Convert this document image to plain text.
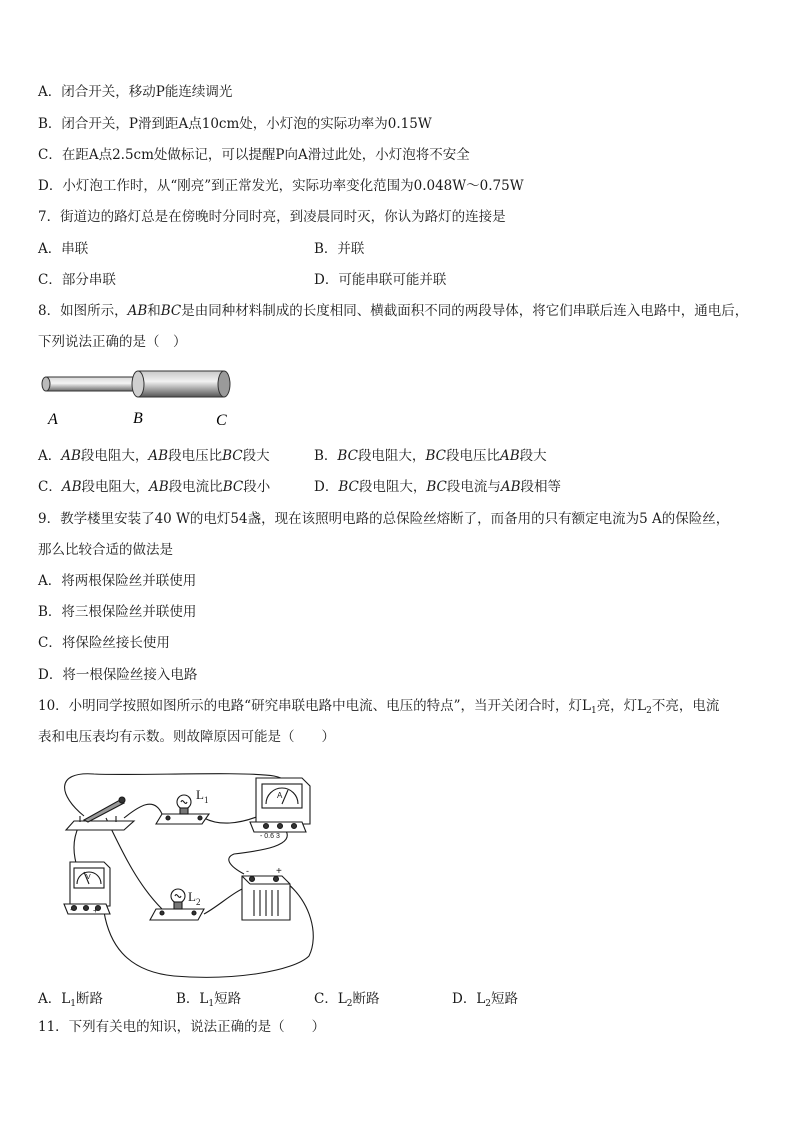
A．闭合开关，移动P能连续调光
B．闭合开关，P滑到距A点10cm处，小灯泡的实际功率为0.15W
C．在距A点2.5cm处做标记，可以提醒P向A滑过此处，小灯泡将不安全
D．小灯泡工作时，从“刚亮”到正常发光，实际功率变化范围为0.048W～0.75W
7．街道边的路灯总是在傍晚时分同时亮，到凌晨同时灭，你认为路灯的连接是
A．串联	B．并联
C．部分串联	D．可能串联可能并联
8．如图所示，AB和BC是由同种材料制成的长度相同、横截面积不同的两段导体，将它们串联后连入电路中，通电后，
下列说法正确的是（　）
A	B	C
A．AB段电阻大，AB段电压比BC段大	B．BC段电阻大，BC段电压比AB段大
C．AB段电阻大，AB段电流比BC段小	D．BC段电阻大，BC段电流与AB段相等
9．教学楼里安装了40 W的电灯54盏，现在该照明电路的总保险丝熔断了，而备用的只有额定电流为5 A的保险丝，
那么比较合适的做法是
A．将两根保险丝并联使用
B．将三根保险丝并联使用
C．将保险丝接长使用
D．将一根保险丝接入电路
10．小明同学按照如图所示的电路“研究串联电路中电流、电压的特点”，当开关闭合时，灯$L_1$亮，灯$L_2$不亮，电流
表和电压表均有示数。则故障原因可能是（　　）
L 1	A
- 0.6 3
V
-	+
L 2
-	+
A．$L_1$断路	B．$L_1$短路	C．$L_2$断路	D．$L_2$短路
11．下列有关电的知识，说法正确的是（　　）
